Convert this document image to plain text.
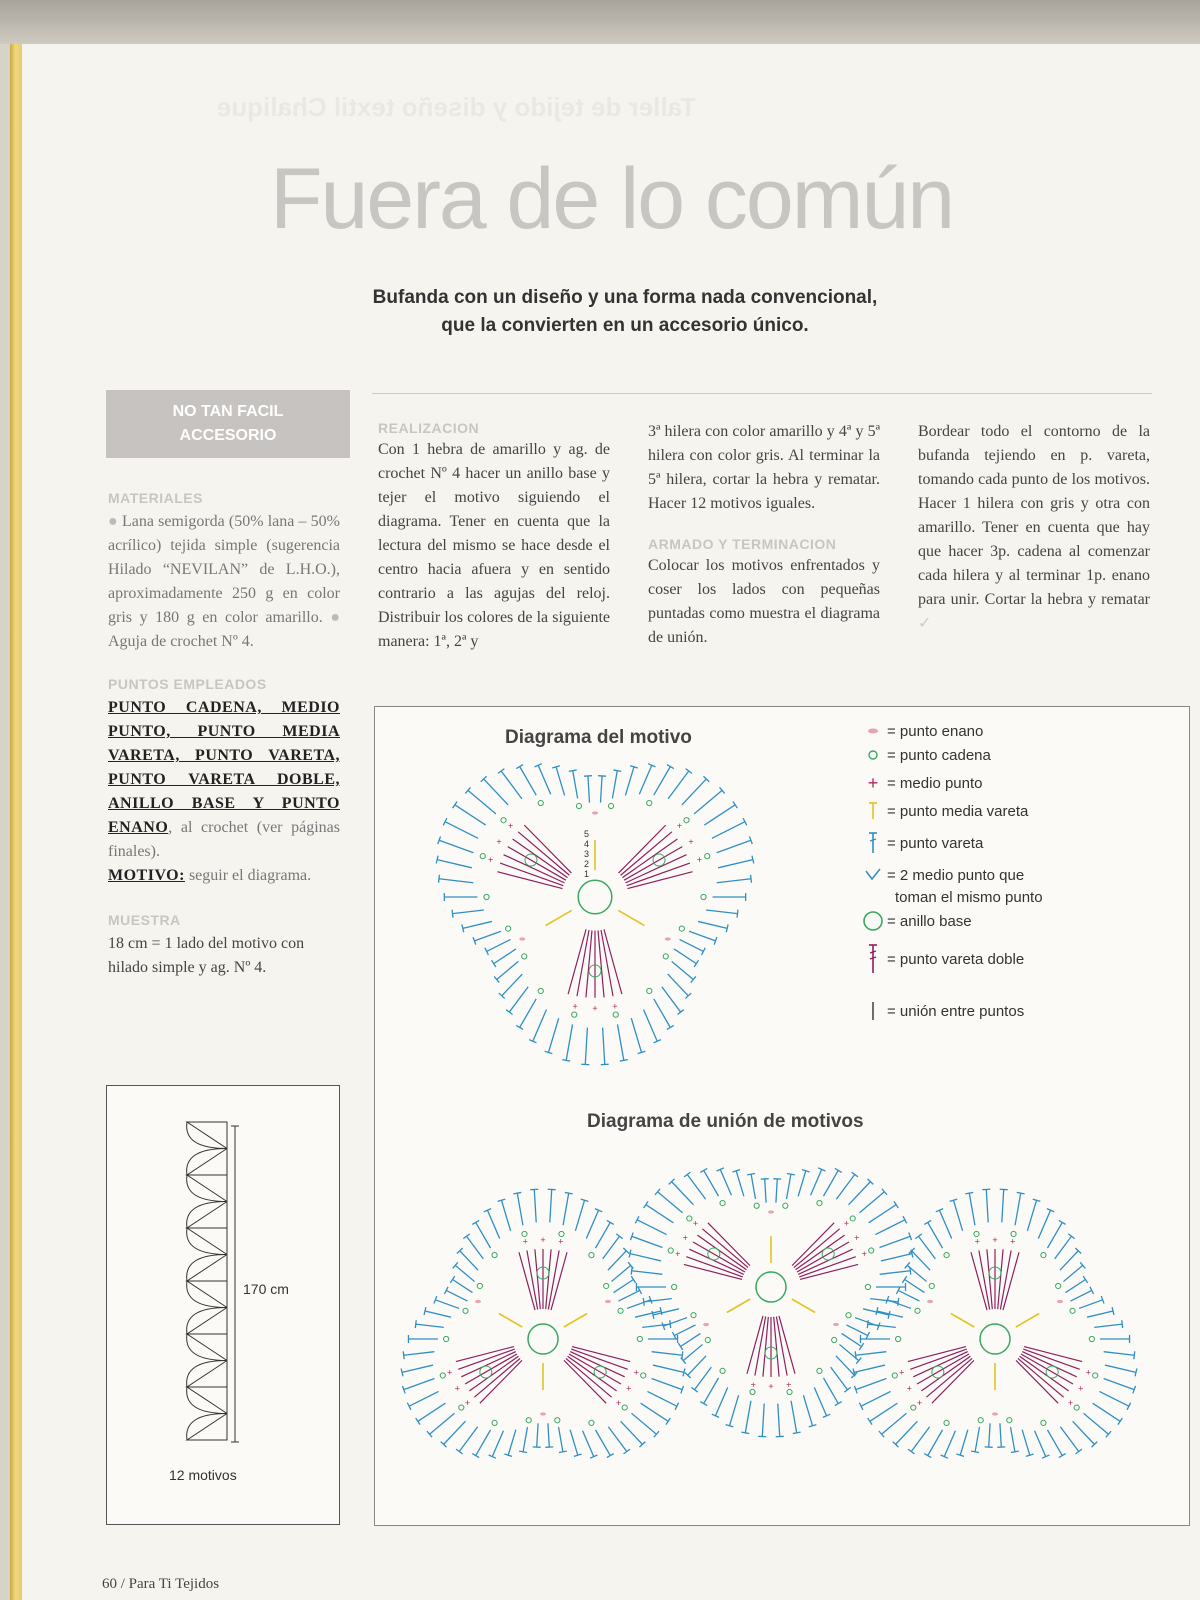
Taller de tejido y diseño textil Chalique
Fuera de lo común
Bufanda con un diseño y una forma nada convencional,
que la convierten en un accesorio único.
NO TAN FACIL
ACCESORIO
MATERIALES
● Lana semigorda (50% lana – 50% acrílico) tejida simple (sugerencia Hilado “NEVILAN” de L.H.O.), aproximadamente 250 g en color gris y 180 g en color amarillo. ● Aguja de crochet Nº 4.
PUNTOS EMPLEADOS
PUNTO CADENA, MEDIO PUNTO, PUNTO MEDIA VARETA, PUNTO VARETA, PUNTO VARETA DOBLE, ANILLO BASE Y PUNTO ENANO, al crochet (ver páginas finales).
MOTIVO: seguir el diagrama.
MUESTRA
18 cm = 1 lado del motivo con hilado simple y ag. Nº 4.
REALIZACION
Con 1 hebra de amarillo y ag. de crochet Nº 4 hacer un anillo base y tejer el motivo siguiendo el diagrama. Tener en cuenta que la lectura del mismo se hace desde el centro hacia afuera y en sentido contrario a las agujas del reloj. Distribuir los colores de la siguiente manera: 1ª, 2ª y
3ª hilera con color amarillo y 4ª y 5ª hilera con color gris. Al terminar la 5ª hilera, cortar la hebra y rematar. Hacer 12 motivos iguales.
ARMADO Y TERMINACION
Colocar los motivos enfrentados y coser los lados con pequeñas puntadas como muestra el diagrama de unión.
Bordear todo el contorno de la bufanda tejiendo en p. vareta, tomando cada punto de los motivos. Hacer 1 hilera con gris y otra con amarillo. Tener en cuenta que hay que hacer 3p. cadena al comenzar cada hilera y al terminar 1p. enano para unir. Cortar la hebra y rematar ✓
170 cm
12 motivos
Diagrama del motivo
+
+
+
+
+
+	+
+
+
1
2
3
4
5
= punto enano
= punto cadena
+ = medio punto
= punto media vareta
= punto vareta
= 2 medio punto que
toman el mismo punto
= anillo base
= punto vareta doble
= unión entre puntos
Diagrama de unión de motivos
+ + +
+
+
+
+
+
+
+
+
+
+
+
+	+
+
+
+ + +
+
+
+
+
+
+
60 / Para Ti Tejidos
